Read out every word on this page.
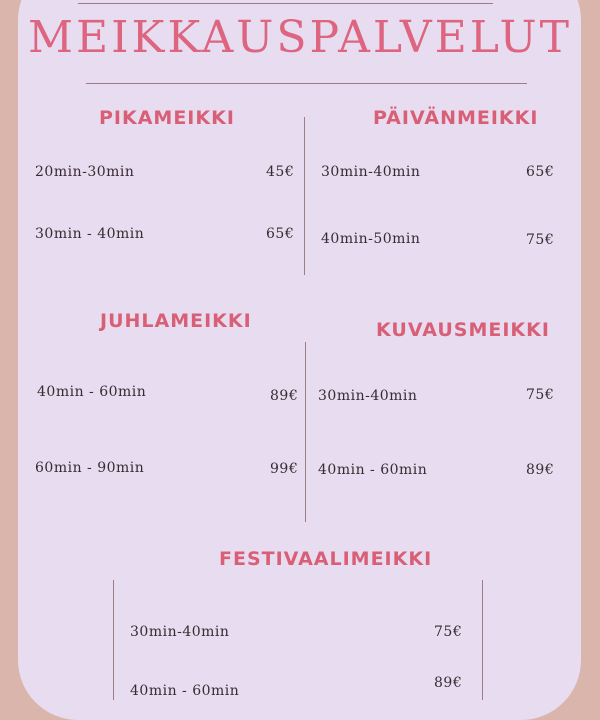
MEIKKAUSPALVELUT
PIKAMEIKKI
20min-30min	45€
30min - 40min	65€
PÄIVÄNMEIKKI
30min-40min	65€
40min-50min	75€
JUHLAMEIKKI
40min - 60min	89€
60min - 90min	99€
KUVAUSMEIKKI
30min-40min	75€
40min - 60min	89€
FESTIVAALIMEIKKI
30min-40min	75€
40min - 60min	89€
